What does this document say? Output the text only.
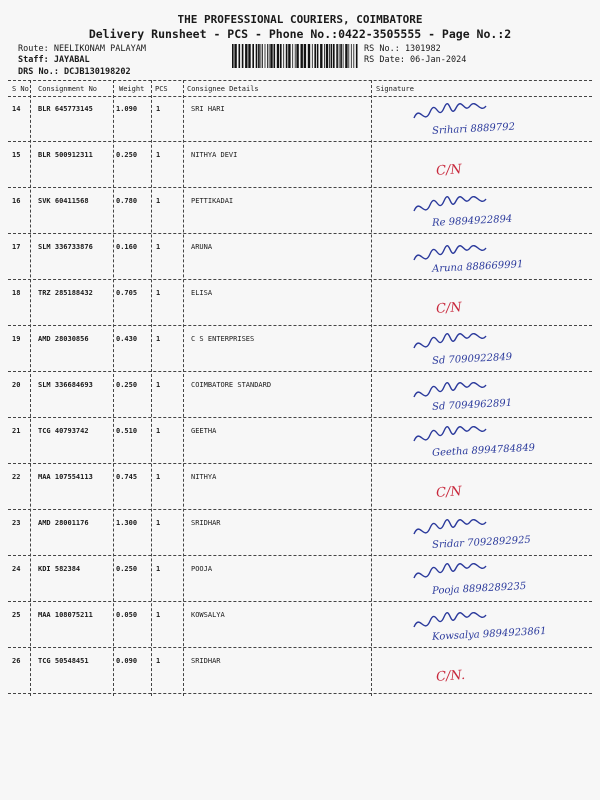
THE PROFESSIONAL COURIERS, COIMBATORE
Delivery Runsheet - PCS - Phone No.:0422-3505555 - Page No.:2
Route: NEELIKONAM PALAYAM
Staff: JAYABAL
DRS No.: DCJB130198202
RS No.: 1301982
RS Date: 06-Jan-2024
S No Consignment No	Weight PCS	Consignee Details	Signature
14	BLR 645773145	1.090	1	SRI HARI
Srihari 8889792
15	BLR 500912311	0.250	1	NITHYA DEVI
C/N
16	SVK 60411568	0.780	1	PETTIKADAI
Re 9894922894
17	SLM 336733876	0.160	1	ARUNA
Aruna 888669991
18	TRZ 285188432	0.705	1	ELISA
C/N
19	AMD 28030856	0.430	1	C S ENTERPRISES
Sd 7090922849
20	SLM 336684693	0.250	1	COIMBATORE STANDARD
Sd 7094962891
21	TCG 40793742	0.510	1	GEETHA
Geetha 8994784849
22	MAA 107554113	0.745	1	NITHYA
C/N
23	AMD 28001176	1.300	1	SRIDHAR
Sridar 7092892925
24	KDI 582384	0.250	1	POOJA
Pooja 8898289235
25	MAA 108075211	0.050	1	KOWSALYA
Kowsalya 9894923861
26	TCG 50548451	0.090	1	SRIDHAR
C/N.
